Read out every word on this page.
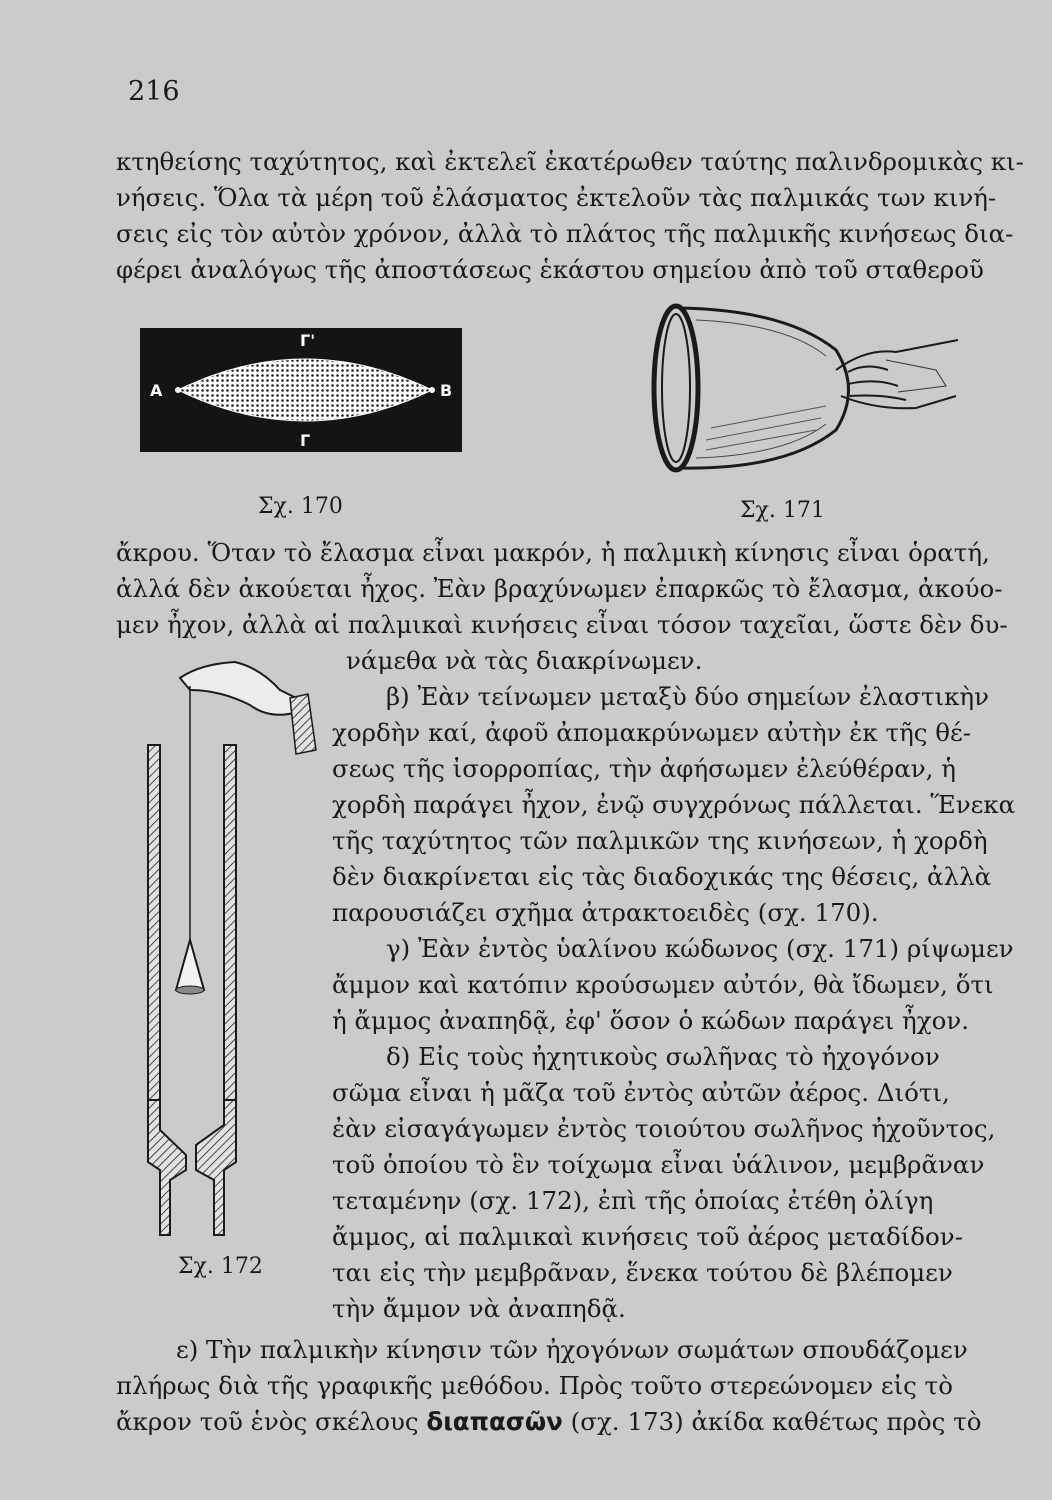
216
κτηθείσης ταχύτητος, καὶ ἐκτελεῖ ἑκατέρωθεν ταύτης παλινδρομικὰς κι-
νήσεις. Ὅλα τὰ μέρη τοῦ ἐλάσματος ἐκτελοῦν τὰς παλμικάς των κινή-
σεις εἰς τὸν αὐτὸν χρόνον, ἀλλὰ τὸ πλάτος τῆς παλμικῆς κινήσεως δια-
φέρει ἀναλόγως τῆς ἀποστάσεως ἑκάστου σημείου ἀπὸ τοῦ σταθεροῦ
Γ'
Γ
Α	Β
Σχ. 170	Σχ. 171
ἄκρου. Ὅταν τὸ ἔλασμα εἶναι μακρόν, ἡ παλμικὴ κίνησις εἶναι ὁρατή,
ἀλλά δὲν ἀκούεται ἦχος. Ἐὰν βραχύνωμεν ἐπαρκῶς τὸ ἔλασμα, ἀκούο-
μεν ἦχον, ἀλλὰ αἱ παλμικαὶ κινήσεις εἶναι τόσον ταχεῖαι, ὥστε δὲν δυ-
νάμεθα νὰ τὰς διακρίνωμεν.
Σχ. 172
β) Ἐὰν τείνωμεν μεταξὺ δύο σημείων ἐλαστικὴν
χορδὴν καί, ἀφοῦ ἀπομακρύνωμεν αὐτὴν ἐκ τῆς θέ-
σεως τῆς ἰσορροπίας, τὴν ἀφήσωμεν ἐλεύθέραν, ἡ
χορδὴ παράγει ἦχον, ἐνῷ συγχρόνως πάλλεται. Ἕνεκα
τῆς ταχύτητος τῶν παλμικῶν της κινήσεων, ἡ χορδὴ
δὲν διακρίνεται εἰς τὰς διαδοχικάς της θέσεις, ἀλλὰ
παρουσιάζει σχῆμα ἀτρακτοειδὲς (σχ. 170).
γ) Ἐὰν ἐντὸς ὑαλίνου κώδωνος (σχ. 171) ρίψωμεν
ἄμμον καὶ κατόπιν κρούσωμεν αὐτόν, θὰ ἴδωμεν, ὅτι
ἡ ἄμμος ἀναπηδᾷ, ἐφ' ὅσον ὁ κώδων παράγει ἦχον.
δ) Εἰς τοὺς ἠχητικοὺς σωλῆνας τὸ ἠχογόνον
σῶμα εἶναι ἡ μᾶζα τοῦ ἐντὸς αὐτῶν ἀέρος. Διότι,
ἐὰν εἰσαγάγωμεν ἐντὸς τοιούτου σωλῆνος ἠχοῦντος,
τοῦ ὁποίου τὸ ἓν τοίχωμα εἶναι ὑάλινον, μεμβρᾶναν
τεταμένην (σχ. 172), ἐπὶ τῆς ὁποίας ἐτέθη ὀλίγη
ἄμμος, αἱ παλμικαὶ κινήσεις τοῦ ἀέρος μεταδίδον-
ται εἰς τὴν μεμβρᾶναν, ἕνεκα τούτου δὲ βλέπομεν
τὴν ἄμμον νὰ ἀναπηδᾷ.
ε) Τὴν παλμικὴν κίνησιν τῶν ἠχογόνων σωμάτων σπουδάζομεν
πλήρως διὰ τῆς γραφικῆς μεθόδου. Πρὸς τοῦτο στερεώνομεν εἰς τὸ
ἄκρον τοῦ ἑνὸς σκέλους διαπασῶν (σχ. 173) ἀκίδα καθέτως πρὸς τὸ
